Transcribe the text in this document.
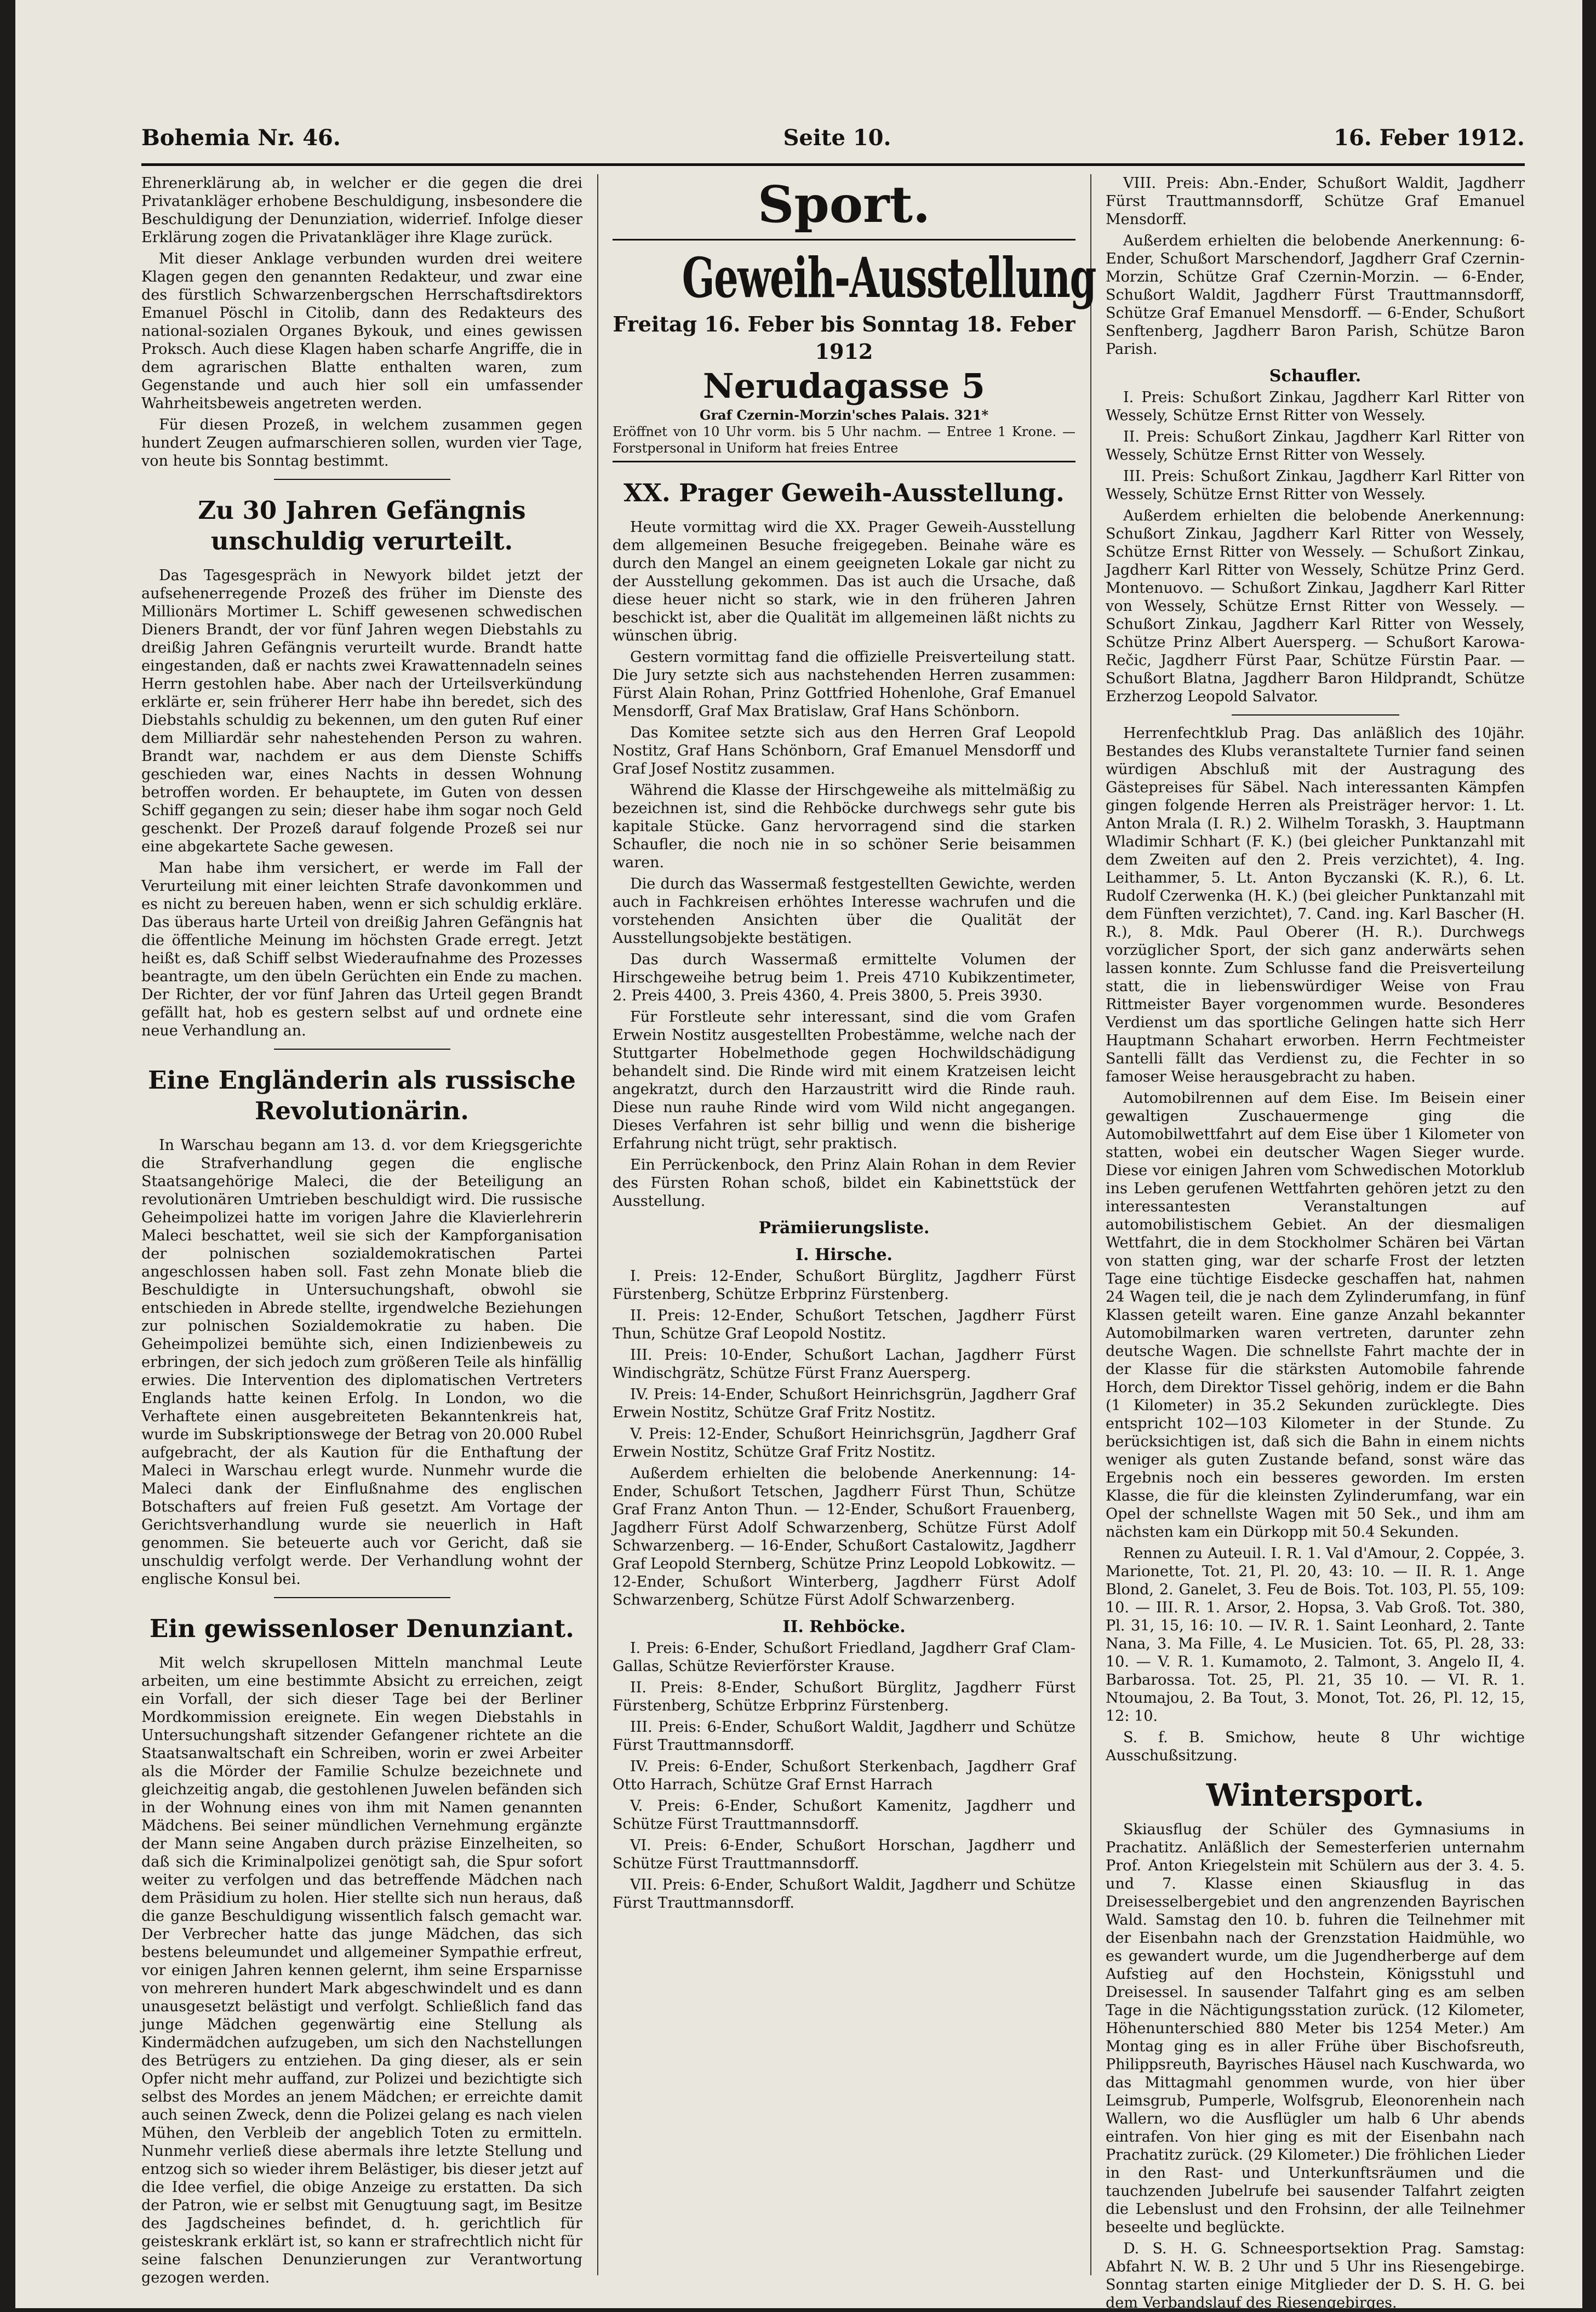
Bohemia Nr. 46.	Seite 10.	16. Feber 1912.

Ehrenerklärung ab, in welcher er die gegen die drei Privatankläger erhobene Beschuldigung, insbesondere die Beschuldigung der Denunziation, widerrief. Infolge dieser Erklärung zogen die Privatankläger ihre Klage zurück.

Mit dieser Anklage verbunden wurden drei weitere Klagen gegen den genannten Redakteur, und zwar eine des fürstlich Schwarzenbergschen Herrschaftsdirektors Emanuel Pöschl in Citolib, dann des Redakteurs des national-sozialen Organes Bykouk, und eines gewissen Proksch. Auch diese Klagen haben scharfe Angriffe, die in dem agrarischen Blatte enthalten waren, zum Gegenstande und auch hier soll ein umfassender Wahrheitsbeweis angetreten werden.

Für diesen Prozeß, in welchem zusammen gegen hundert Zeugen aufmarschieren sollen, wurden vier Tage, von heute bis Sonntag bestimmt.

Zu 30 Jahren Gefängnis unschuldig verurteilt.

Das Tagesgespräch in Newyork bildet jetzt der aufsehenerregende Prozeß des früher im Dienste des Millionärs Mortimer L. Schiff gewesenen schwedischen Dieners Brandt, der vor fünf Jahren wegen Diebstahls zu dreißig Jahren Gefängnis verurteilt wurde. Brandt hatte eingestanden, daß er nachts zwei Krawattennadeln seines Herrn gestohlen habe. Aber nach der Urteilsverkündung erklärte er, sein früherer Herr habe ihn beredet, sich des Diebstahls schuldig zu bekennen, um den guten Ruf einer dem Milliardär sehr nahestehenden Person zu wahren. Brandt war, nachdem er aus dem Dienste Schiffs geschieden war, eines Nachts in dessen Wohnung betroffen worden. Er behauptete, im Guten von dessen Schiff gegangen zu sein; dieser habe ihm sogar noch Geld geschenkt. Der Prozeß darauf folgende Prozeß sei nur eine abgekartete Sache gewesen.

Man habe ihm versichert, er werde im Fall der Verurteilung mit einer leichten Strafe davonkommen und es nicht zu bereuen haben, wenn er sich schuldig erkläre. Das überaus harte Urteil von dreißig Jahren Gefängnis hat die öffentliche Meinung im höchsten Grade erregt. Jetzt heißt es, daß Schiff selbst Wiederaufnahme des Prozesses beantragte, um den übeln Gerüchten ein Ende zu machen. Der Richter, der vor fünf Jahren das Urteil gegen Brandt gefällt hat, hob es gestern selbst auf und ordnete eine neue Verhandlung an.

Eine Engländerin als russische Revolutionärin.

In Warschau begann am 13. d. vor dem Kriegsgerichte die Strafverhandlung gegen die englische Staatsangehörige Maleci, die der Beteiligung an revolutionären Umtrieben beschuldigt wird. Die russische Geheimpolizei hatte im vorigen Jahre die Klavierlehrerin Maleci beschattet, weil sie sich der Kampforganisation der polnischen sozialdemokratischen Partei angeschlossen haben soll. Fast zehn Monate blieb die Beschuldigte in Untersuchungshaft, obwohl sie entschieden in Abrede stellte, irgendwelche Beziehungen zur polnischen Sozialdemokratie zu haben. Die Geheimpolizei bemühte sich, einen Indizienbeweis zu erbringen, der sich jedoch zum größeren Teile als hinfällig erwies. Die Intervention des diplomatischen Vertreters Englands hatte keinen Erfolg. In London, wo die Verhaftete einen ausgebreiteten Bekanntenkreis hat, wurde im Subskriptionswege der Betrag von 20.000 Rubel aufgebracht, der als Kaution für die Enthaftung der Maleci in Warschau erlegt wurde. Nunmehr wurde die Maleci dank der Einflußnahme des englischen Botschafters auf freien Fuß gesetzt. Am Vortage der Gerichtsverhandlung wurde sie neuerlich in Haft genommen. Sie beteuerte auch vor Gericht, daß sie unschuldig verfolgt werde. Der Verhandlung wohnt der englische Konsul bei.

Ein gewissenloser Denunziant.

Mit welch skrupellosen Mitteln manchmal Leute arbeiten, um eine bestimmte Absicht zu erreichen, zeigt ein Vorfall, der sich dieser Tage bei der Berliner Mordkommission ereignete. Ein wegen Diebstahls in Untersuchungshaft sitzender Gefangener richtete an die Staatsanwaltschaft ein Schreiben, worin er zwei Arbeiter als die Mörder der Familie Schulze bezeichnete und gleichzeitig angab, die gestohlenen Juwelen befänden sich in der Wohnung eines von ihm mit Namen genannten Mädchens. Bei seiner mündlichen Vernehmung ergänzte der Mann seine Angaben durch präzise Einzelheiten, so daß sich die Kriminalpolizei genötigt sah, die Spur sofort weiter zu verfolgen und das betreffende Mädchen nach dem Präsidium zu holen. Hier stellte sich nun heraus, daß die ganze Beschuldigung wissentlich falsch gemacht war. Der Verbrecher hatte das junge Mädchen, das sich bestens beleumundet und allgemeiner Sympathie erfreut, vor einigen Jahren kennen gelernt, ihm seine Ersparnisse von mehreren hundert Mark abgeschwindelt und es dann unausgesetzt belästigt und verfolgt. Schließlich fand das junge Mädchen gegenwärtig eine Stellung als Kindermädchen aufzugeben, um sich den Nachstellungen des Betrügers zu entziehen. Da ging dieser, als er sein Opfer nicht mehr auffand, zur Polizei und bezichtigte sich selbst des Mordes an jenem Mädchen; er erreichte damit auch seinen Zweck, denn die Polizei gelang es nach vielen Mühen, den Verbleib der angeblich Toten zu ermitteln. Nunmehr verließ diese abermals ihre letzte Stellung und entzog sich so wieder ihrem Belästiger, bis dieser jetzt auf die Idee verfiel, die obige Anzeige zu erstatten. Da sich der Patron, wie er selbst mit Genugtuung sagt, im Besitze des Jagdscheines befindet, d. h. gerichtlich für geisteskrank erklärt ist, so kann er strafrechtlich nicht für seine falschen Denunzierungen zur Verantwortung gezogen werden.

Sport.
Geweih-Ausstellung
Freitag 16. Feber bis Sonntag 18. Feber 1912
Nerudagasse 5
Graf Czernin-Morzin'sches Palais. 321*

Eröffnet von 10 Uhr vorm. bis 5 Uhr nachm. — Entree 1 Krone. — Forstpersonal in Uniform hat freies Entree

XX. Prager Geweih-Ausstellung.

Heute vormittag wird die XX. Prager Geweih-Ausstellung dem allgemeinen Besuche freigegeben. Beinahe wäre es durch den Mangel an einem geeigneten Lokale gar nicht zu der Ausstellung gekommen. Das ist auch die Ursache, daß diese heuer nicht so stark, wie in den früheren Jahren beschickt ist, aber die Qualität im allgemeinen läßt nichts zu wünschen übrig.

Gestern vormittag fand die offizielle Preisverteilung statt. Die Jury setzte sich aus nachstehenden Herren zusammen: Fürst Alain Rohan, Prinz Gottfried Hohenlohe, Graf Emanuel Mensdorff, Graf Max Bratislaw, Graf Hans Schönborn.

Das Komitee setzte sich aus den Herren Graf Leopold Nostitz, Graf Hans Schönborn, Graf Emanuel Mensdorff und Graf Josef Nostitz zusammen.

Während die Klasse der Hirschgeweihe als mittelmäßig zu bezeichnen ist, sind die Rehböcke durchwegs sehr gute bis kapitale Stücke. Ganz hervorragend sind die starken Schaufler, die noch nie in so schöner Serie beisammen waren.

Die durch das Wassermaß festgestellten Gewichte, werden auch in Fachkreisen erhöhtes Interesse wachrufen und die vorstehenden Ansichten über die Qualität der Ausstellungsobjekte bestätigen.

Das durch Wassermaß ermittelte Volumen der Hirschgeweihe betrug beim 1. Preis 4710 Kubikzentimeter, 2. Preis 4400, 3. Preis 4360, 4. Preis 3800, 5. Preis 3930.

Für Forstleute sehr interessant, sind die vom Grafen Erwein Nostitz ausgestellten Probestämme, welche nach der Stuttgarter Hobelmethode gegen Hochwildschädigung behandelt sind. Die Rinde wird mit einem Kratzeisen leicht angekratzt, durch den Harzaustritt wird die Rinde rauh. Diese nun rauhe Rinde wird vom Wild nicht angegangen. Dieses Verfahren ist sehr billig und wenn die bisherige Erfahrung nicht trügt, sehr praktisch.

Ein Perrückenbock, den Prinz Alain Rohan in dem Revier des Fürsten Rohan schoß, bildet ein Kabinettstück der Ausstellung.

Prämiierungsliste.
I. Hirsche.

I. Preis: 12-Ender, Schußort Bürglitz, Jagdherr Fürst Fürstenberg, Schütze Erbprinz Fürstenberg.

II. Preis: 12-Ender, Schußort Tetschen, Jagdherr Fürst Thun, Schütze Graf Leopold Nostitz.

III. Preis: 10-Ender, Schußort Lachan, Jagdherr Fürst Windischgrätz, Schütze Fürst Franz Auersperg.

IV. Preis: 14-Ender, Schußort Heinrichsgrün, Jagdherr Graf Erwein Nostitz, Schütze Graf Fritz Nostitz.

V. Preis: 12-Ender, Schußort Heinrichsgrün, Jagdherr Graf Erwein Nostitz, Schütze Graf Fritz Nostitz.

Außerdem erhielten die belobende Anerkennung: 14-Ender, Schußort Tetschen, Jagdherr Fürst Thun, Schütze Graf Franz Anton Thun. — 12-Ender, Schußort Frauenberg, Jagdherr Fürst Adolf Schwarzenberg, Schütze Fürst Adolf Schwarzenberg. — 16-Ender, Schußort Castalowitz, Jagdherr Graf Leopold Sternberg, Schütze Prinz Leopold Lobkowitz. — 12-Ender, Schußort Winterberg, Jagdherr Fürst Adolf Schwarzenberg, Schütze Fürst Adolf Schwarzenberg.

II. Rehböcke.

I. Preis: 6-Ender, Schußort Friedland, Jagdherr Graf Clam-Gallas, Schütze Revierförster Krause.

II. Preis: 8-Ender, Schußort Bürglitz, Jagdherr Fürst Fürstenberg, Schütze Erbprinz Fürstenberg.

III. Preis: 6-Ender, Schußort Waldit, Jagdherr und Schütze Fürst Trauttmannsdorff.

IV. Preis: 6-Ender, Schußort Sterkenbach, Jagdherr Graf Otto Harrach, Schütze Graf Ernst Harrach

V. Preis: 6-Ender, Schußort Kamenitz, Jagdherr und Schütze Fürst Trauttmannsdorff.

VI. Preis: 6-Ender, Schußort Horschan, Jagdherr und Schütze Fürst Trauttmannsdorff.

VII. Preis: 6-Ender, Schußort Waldit, Jagdherr und Schütze Fürst Trauttmannsdorff.

VIII. Preis: Abn.-Ender, Schußort Waldit, Jagdherr Fürst Trauttmannsdorff, Schütze Graf Emanuel Mensdorff.

Außerdem erhielten die belobende Anerkennung: 6-Ender, Schußort Marschendorf, Jagdherr Graf Czernin-Morzin, Schütze Graf Czernin-Morzin. — 6-Ender, Schußort Waldit, Jagdherr Fürst Trauttmannsdorff, Schütze Graf Emanuel Mensdorff. — 6-Ender, Schußort Senftenberg, Jagdherr Baron Parish, Schütze Baron Parish.

Schaufler.

I. Preis: Schußort Zinkau, Jagdherr Karl Ritter von Wessely, Schütze Ernst Ritter von Wessely.

II. Preis: Schußort Zinkau, Jagdherr Karl Ritter von Wessely, Schütze Ernst Ritter von Wessely.

III. Preis: Schußort Zinkau, Jagdherr Karl Ritter von Wessely, Schütze Ernst Ritter von Wessely.

Außerdem erhielten die belobende Anerkennung: Schußort Zinkau, Jagdherr Karl Ritter von Wessely, Schütze Ernst Ritter von Wessely. — Schußort Zinkau, Jagdherr Karl Ritter von Wessely, Schütze Prinz Gerd. Montenuovo. — Schußort Zinkau, Jagdherr Karl Ritter von Wessely, Schütze Ernst Ritter von Wessely. — Schußort Zinkau, Jagdherr Karl Ritter von Wessely, Schütze Prinz Albert Auersperg. — Schußort Karowa-Rečic, Jagdherr Fürst Paar, Schütze Fürstin Paar. — Schußort Blatna, Jagdherr Baron Hildprandt, Schütze Erzherzog Leopold Salvator.

Herrenfechtklub Prag. Das anläßlich des 10jähr. Bestandes des Klubs veranstaltete Turnier fand seinen würdigen Abschluß mit der Austragung des Gästepreises für Säbel. Nach interessanten Kämpfen gingen folgende Herren als Preisträger hervor: 1. Lt. Anton Mrala (I. R.) 2. Wilhelm Toraskh, 3. Hauptmann Wladimir Schhart (F. K.) (bei gleicher Punktanzahl mit dem Zweiten auf den 2. Preis verzichtet), 4. Ing. Leithammer, 5. Lt. Anton Byczanski (K. R.), 6. Lt. Rudolf Czerwenka (H. K.) (bei gleicher Punktanzahl mit dem Fünften verzichtet), 7. Cand. ing. Karl Bascher (H. R.), 8. Mdk. Paul Oberer (H. R.). Durchwegs vorzüglicher Sport, der sich ganz anderwärts sehen lassen konnte. Zum Schlusse fand die Preisverteilung statt, die in liebenswürdiger Weise von Frau Rittmeister Bayer vorgenommen wurde. Besonderes Verdienst um das sportliche Gelingen hatte sich Herr Hauptmann Schahart erworben. Herrn Fechtmeister Santelli fällt das Verdienst zu, die Fechter in so famoser Weise herausgebracht zu haben.

Automobilrennen auf dem Eise. Im Beisein einer gewaltigen Zuschauermenge ging die Automobilwettfahrt auf dem Eise über 1 Kilometer von statten, wobei ein deutscher Wagen Sieger wurde. Diese vor einigen Jahren vom Schwedischen Motorklub ins Leben gerufenen Wettfahrten gehören jetzt zu den interessantesten Veranstaltungen auf automobilistischem Gebiet. An der diesmaligen Wettfahrt, die in dem Stockholmer Schären bei Värtan von statten ging, war der scharfe Frost der letzten Tage eine tüchtige Eisdecke geschaffen hat, nahmen 24 Wagen teil, die je nach dem Zylinderumfang, in fünf Klassen geteilt waren. Eine ganze Anzahl bekannter Automobilmarken waren vertreten, darunter zehn deutsche Wagen. Die schnellste Fahrt machte der in der Klasse für die stärksten Automobile fahrende Horch, dem Direktor Tissel gehörig, indem er die Bahn (1 Kilometer) in 35.2 Sekunden zurücklegte. Dies entspricht 102—103 Kilometer in der Stunde. Zu berücksichtigen ist, daß sich die Bahn in einem nichts weniger als guten Zustande befand, sonst wäre das Ergebnis noch ein besseres geworden. Im ersten Klasse, die für die kleinsten Zylinderumfang, war ein Opel der schnellste Wagen mit 50 Sek., und ihm am nächsten kam ein Dürkopp mit 50.4 Sekunden.

Rennen zu Auteuil. I. R. 1. Val d'Amour, 2. Coppée, 3. Marionette, Tot. 21, Pl. 20, 43: 10. — II. R. 1. Ange Blond, 2. Ganelet, 3. Feu de Bois. Tot. 103, Pl. 55, 109: 10. — III. R. 1. Arsor, 2. Hopsa, 3. Vab Groß. Tot. 380, Pl. 31, 15, 16: 10. — IV. R. 1. Saint Leonhard, 2. Tante Nana, 3. Ma Fille, 4. Le Musicien. Tot. 65, Pl. 28, 33: 10. — V. R. 1. Kumamoto, 2. Talmont, 3. Angelo II, 4. Barbarossa. Tot. 25, Pl. 21, 35 10. — VI. R. 1. Ntoumajou, 2. Ba Tout, 3. Monot, Tot. 26, Pl. 12, 15, 12: 10.

S. f. B. Smichow, heute 8 Uhr wichtige Ausschußsitzung.

Wintersport.

Skiausflug der Schüler des Gymnasiums in Prachatitz. Anläßlich der Semesterferien unternahm Prof. Anton Kriegelstein mit Schülern aus der 3. 4. 5. und 7. Klasse einen Skiausflug in das Dreisesselbergebiet und den angrenzenden Bayrischen Wald. Samstag den 10. b. fuhren die Teilnehmer mit der Eisenbahn nach der Grenzstation Haidmühle, wo es gewandert wurde, um die Jugendherberge auf dem Aufstieg auf den Hochstein, Königsstuhl und Dreisessel. In sausender Talfahrt ging es am selben Tage in die Nächtigungsstation zurück. (12 Kilometer, Höhenunterschied 880 Meter bis 1254 Meter.) Am Montag ging es in aller Frühe über Bischofsreuth, Philippsreuth, Bayrisches Häusel nach Kuschwarda, wo das Mittagmahl genommen wurde, von hier über Leimsgrub, Pumperle, Wolfsgrub, Eleonorenhein nach Wallern, wo die Ausflügler um halb 6 Uhr abends eintrafen. Von hier ging es mit der Eisenbahn nach Prachatitz zurück. (29 Kilometer.) Die fröhlichen Lieder in den Rast- und Unterkunftsräumen und die tauchzenden Jubelrufe bei sausender Talfahrt zeigten die Lebenslust und den Frohsinn, der alle Teilnehmer beseelte und beglückte.

D. S. H. G. Schneesportsektion Prag. Samstag: Abfahrt N. W. B. 2 Uhr und 5 Uhr ins Riesengebirge. Sonntag starten einige Mitglieder der D. S. H. G. bei dem Verbandslauf des Riesengebirges.
